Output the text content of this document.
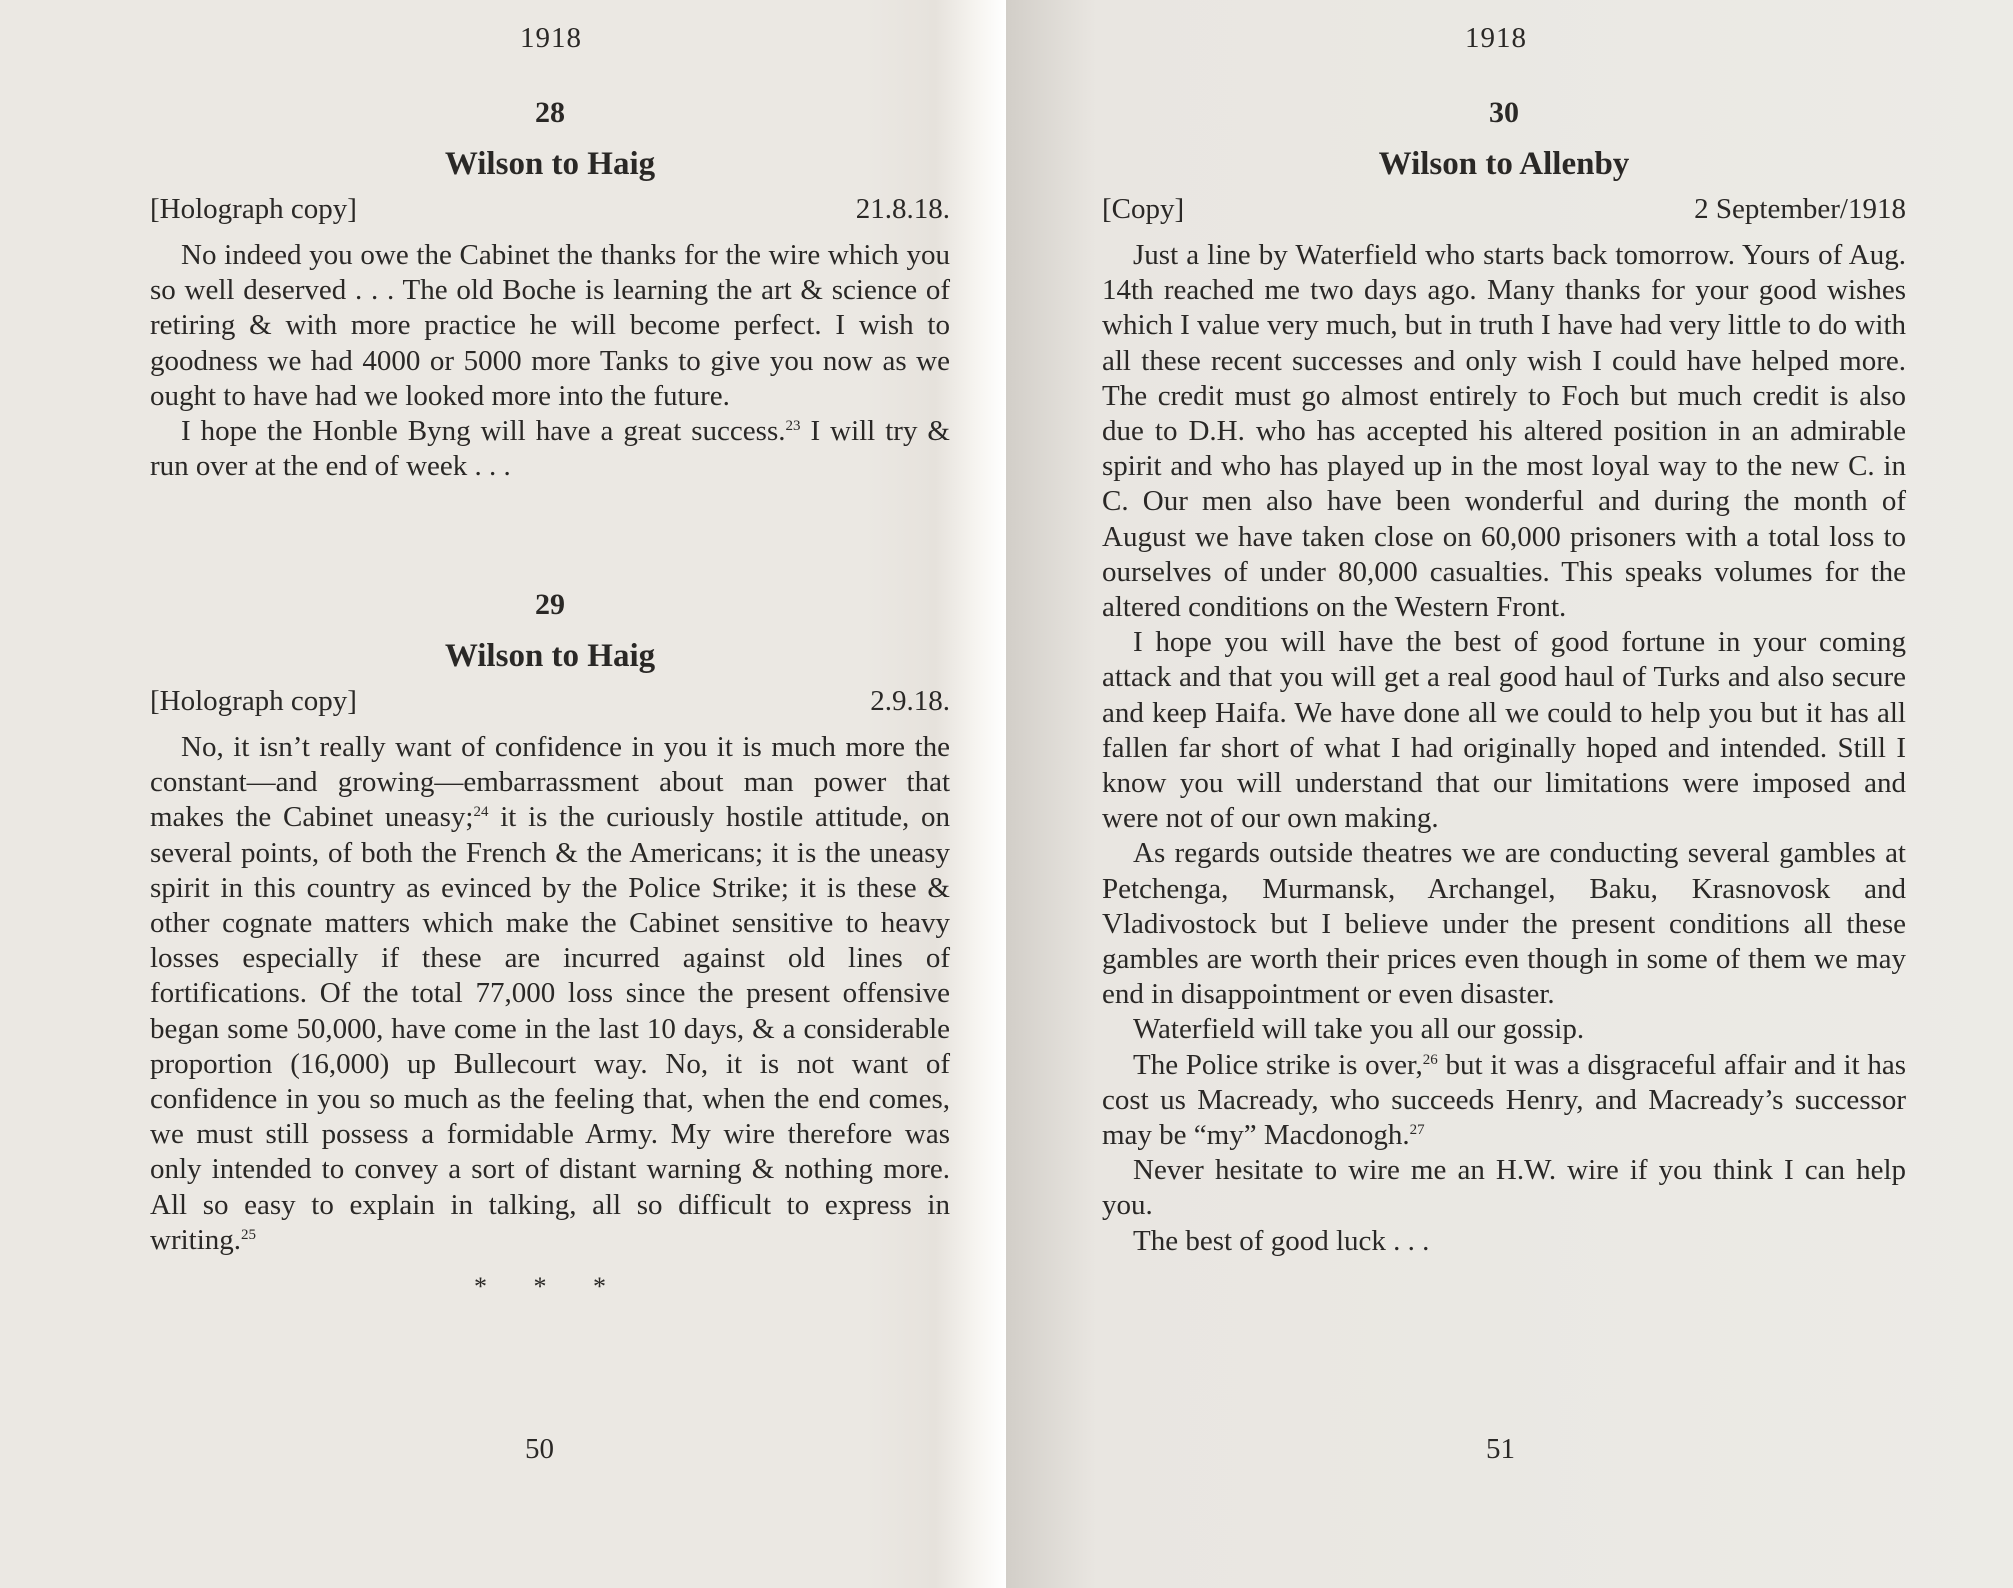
1918

28

Wilson to Haig

[Holograph copy]	21.8.18.

No indeed you owe the Cabinet the thanks for the wire which you so well deserved . . . The old Boche is learning the art & science of retiring & with more practice he will become perfect. I wish to goodness we had 4000 or 5000 more Tanks to give you now as we ought to have had we looked more into the future.

I hope the Honble Byng will have a great success.$^{23}$ I will try & run over at the end of week . . .

29

Wilson to Haig

[Holograph copy]	2.9.18.

No, it isn’t really want of confidence in you it is much more the constant—and growing—embarrassment about man power that makes the Cabinet uneasy;$^{24}$ it is the curiously hostile attitude, on several points, of both the French & the Americans; it is the uneasy spirit in this country as evinced by the Police Strike; it is these & other cognate matters which make the Cabinet sensitive to heavy losses especially if these are incurred against old lines of fortifications. Of the total 77,000 loss since the present offensive began some 50,000, have come in the last 10 days, & a considerable proportion (16,000) up Bullecourt way. No, it is not want of confidence in you so much as the feeling that, when the end comes, we must still possess a formidable Army. My wire therefore was only intended to convey a sort of distant warning & nothing more. All so easy to explain in talking, all so difficult to express in writing.$^{25}$

* * *
50
1918

30

Wilson to Allenby

[Copy]	2 September/1918

Just a line by Waterfield who starts back tomorrow. Yours of Aug. 14th reached me two days ago. Many thanks for your good wishes which I value very much, but in truth I have had very little to do with all these recent successes and only wish I could have helped more. The credit must go almost entirely to Foch but much credit is also due to D.H. who has accepted his altered position in an admirable spirit and who has played up in the most loyal way to the new C. in C. Our men also have been wonderful and during the month of August we have taken close on 60,000 prisoners with a total loss to ourselves of under 80,000 casualties. This speaks volumes for the altered conditions on the Western Front.

I hope you will have the best of good fortune in your coming attack and that you will get a real good haul of Turks and also secure and keep Haifa. We have done all we could to help you but it has all fallen far short of what I had originally hoped and intended. Still I know you will understand that our limitations were imposed and were not of our own making.

As regards outside theatres we are conducting several gambles at Petchenga, Murmansk, Archangel, Baku, Krasnovosk and Vladivostock but I believe under the present conditions all these gambles are worth their prices even though in some of them we may end in disappointment or even disaster.

Waterfield will take you all our gossip.

The Police strike is over,$^{26}$ but it was a disgraceful affair and it has cost us Macready, who succeeds Henry, and Macready’s successor may be “my” Macdonogh.$^{27}$

Never hesitate to wire me an H.W. wire if you think I can help you.

The best of good luck . . .

51
